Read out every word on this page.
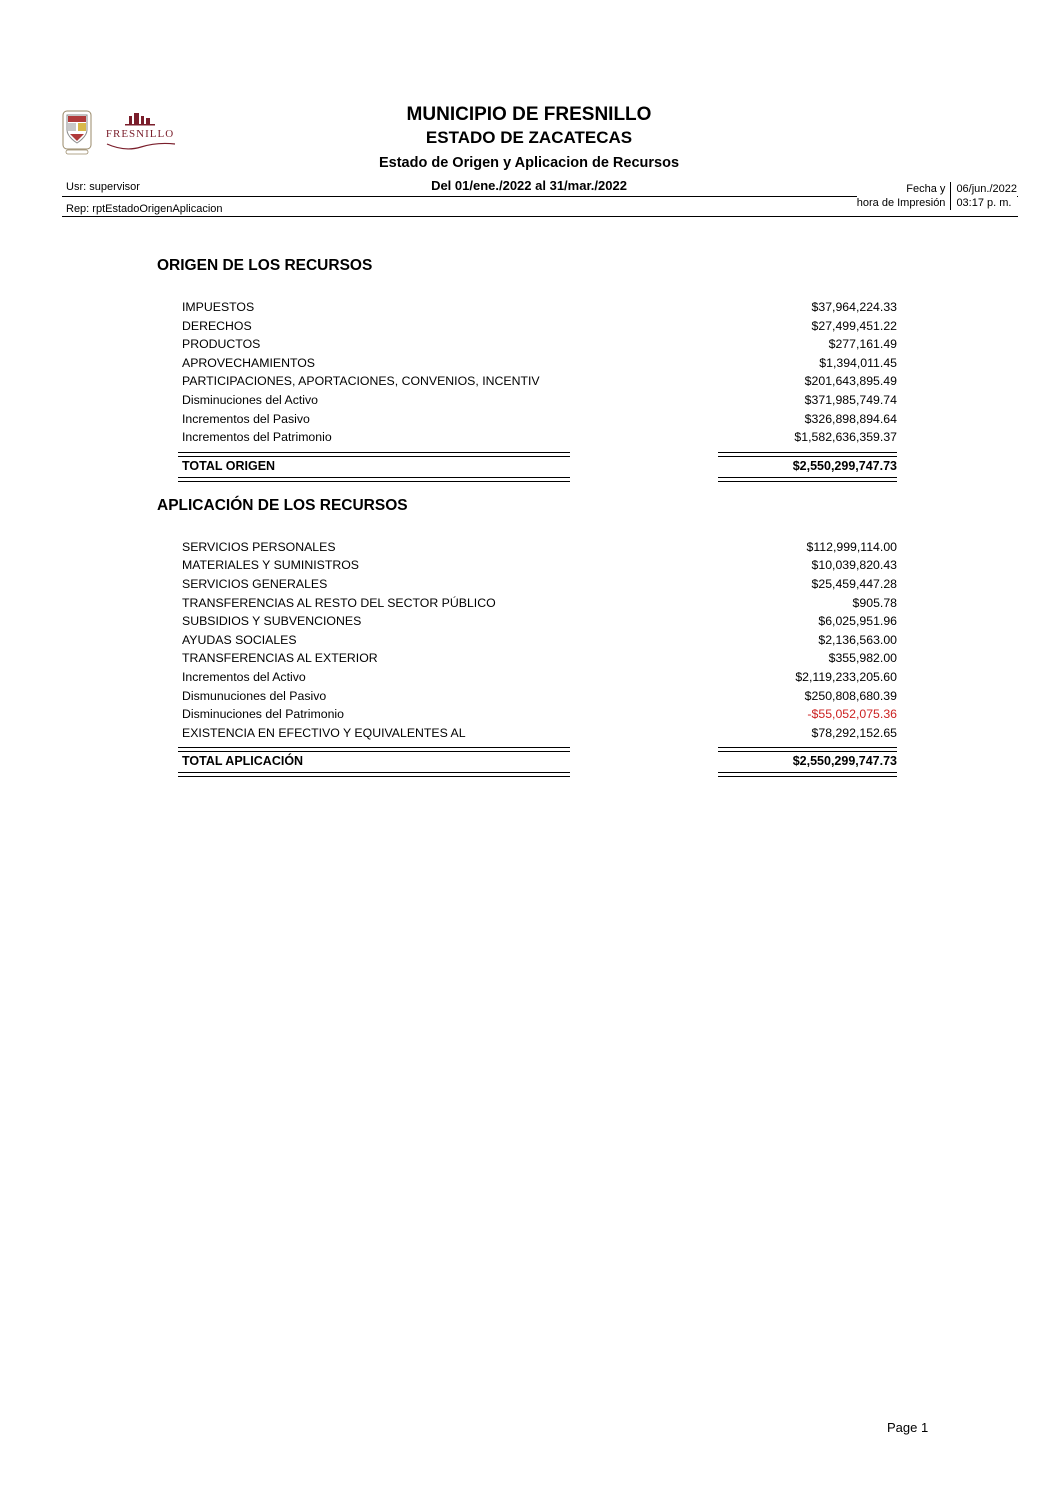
FRESNILLO
MUNICIPIO DE FRESNILLO
ESTADO DE ZACATECAS
Estado de Origen y Aplicacion de Recursos
Del 01/ene./2022 al 31/mar./2022
Usr: supervisor
Rep: rptEstadoOrigenAplicacion
Fecha y
hora de Impresión
06/jun./2022
03:17 p. m.
ORIGEN DE LOS RECURSOS
IMPUESTOS	$37,964,224.33
DERECHOS	$27,499,451.22
PRODUCTOS	$277,161.49
APROVECHAMIENTOS	$1,394,011.45
PARTICIPACIONES, APORTACIONES, CONVENIOS, INCENTIV	$201,643,895.49
Disminuciones del Activo	$371,985,749.74
Incrementos del Pasivo	$326,898,894.64
Incrementos del Patrimonio	$1,582,636,359.37
TOTAL ORIGEN	$2,550,299,747.73
APLICACIÓN DE LOS RECURSOS
SERVICIOS PERSONALES	$112,999,114.00
MATERIALES Y SUMINISTROS	$10,039,820.43
SERVICIOS GENERALES	$25,459,447.28
TRANSFERENCIAS AL RESTO DEL SECTOR PÚBLICO	$905.78
SUBSIDIOS Y SUBVENCIONES	$6,025,951.96
AYUDAS SOCIALES	$2,136,563.00
TRANSFERENCIAS AL EXTERIOR	$355,982.00
Incrementos del Activo	$2,119,233,205.60
Dismunuciones del Pasivo	$250,808,680.39
Disminuciones del Patrimonio	-$55,052,075.36
EXISTENCIA EN EFECTIVO Y EQUIVALENTES AL	$78,292,152.65
TOTAL APLICACIÓN	$2,550,299,747.73
Page 1
